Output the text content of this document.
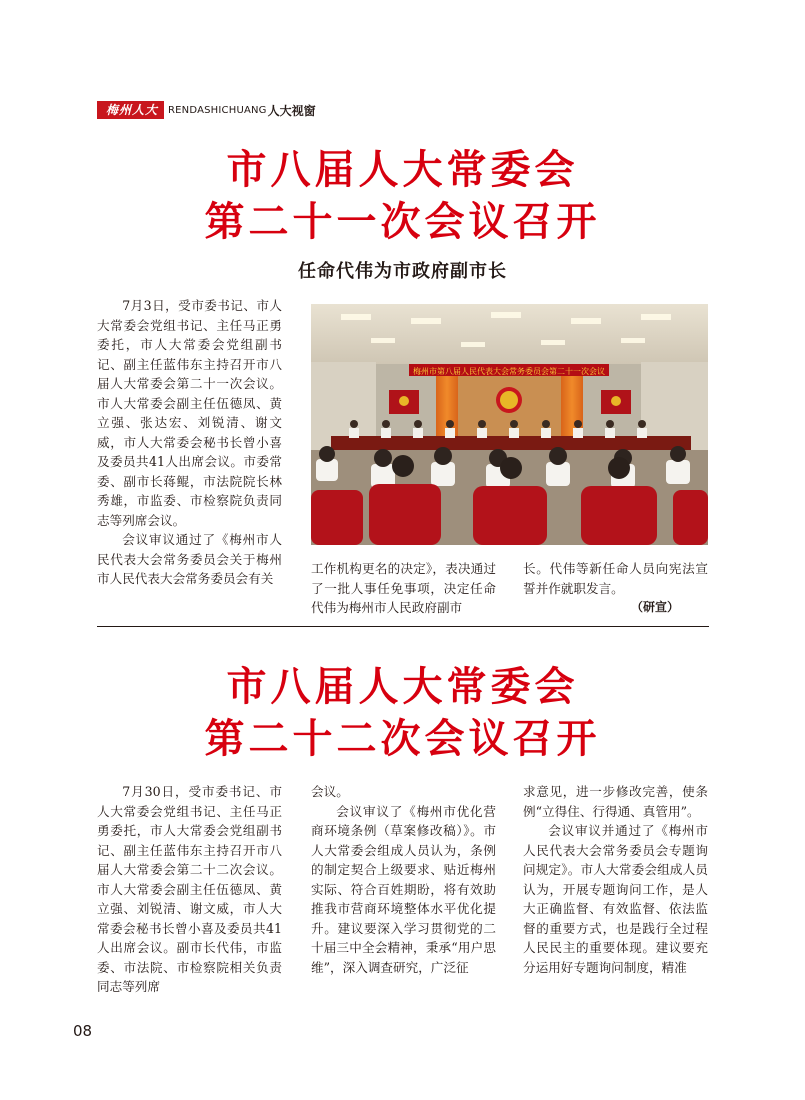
梅州人大	RENDASHICHUANG 人大视窗
市八届人大常委会
第二十一次会议召开
任命代伟为市政府副市长

7月3日，受市委书记、市人大常委会党组书记、主任马正勇委托，市人大常委会党组副书记、副主任蓝伟东主持召开市八届人大常委会第二十一次会议。市人大常委会副主任伍德凤、黄立强、张达宏、刘锐清、谢文威，市人大常委会秘书长曾小喜及委员共41人出席会议。市委常委、副市长蒋鲲，市法院院长林秀雄，市监委、市检察院负责同志等列席会议。

会议审议通过了《梅州市人民代表大会常务委员会关于梅州市人民代表大会常务委员会有关

梅州市第八届人民代表大会常务委员会第二十一次会议

工作机构更名的决定》，表决通过了一批人事任免事项，决定任命代伟为梅州市人民政府副市

长。代伟等新任命人员向宪法宣誓并作就职发言。

（研宣）
市八届人大常委会
第二十二次会议召开

7月30日，受市委书记、市人大常委会党组书记、主任马正勇委托，市人大常委会党组副书记、副主任蓝伟东主持召开市八届人大常委会第二十二次会议。市人大常委会副主任伍德凤、黄立强、刘锐清、谢文威，市人大常委会秘书长曾小喜及委员共41人出席会议。副市长代伟，市监委、市法院、市检察院相关负责同志等列席

会议。

会议审议了《梅州市优化营商环境条例（草案修改稿）》。市人大常委会组成人员认为，条例的制定契合上级要求、贴近梅州实际、符合百姓期盼，将有效助推我市营商环境整体水平优化提升。建议要深入学习贯彻党的二十届三中全会精神，秉承“用户思维”，深入调查研究，广泛征

求意见，进一步修改完善，使条例“立得住、行得通、真管用”。

会议审议并通过了《梅州市人民代表大会常务委员会专题询问规定》。市人大常委会组成人员认为，开展专题询问工作，是人大正确监督、有效监督、依法监督的重要方式，也是践行全过程人民民主的重要体现。建议要充分运用好专题询问制度，精准

08
